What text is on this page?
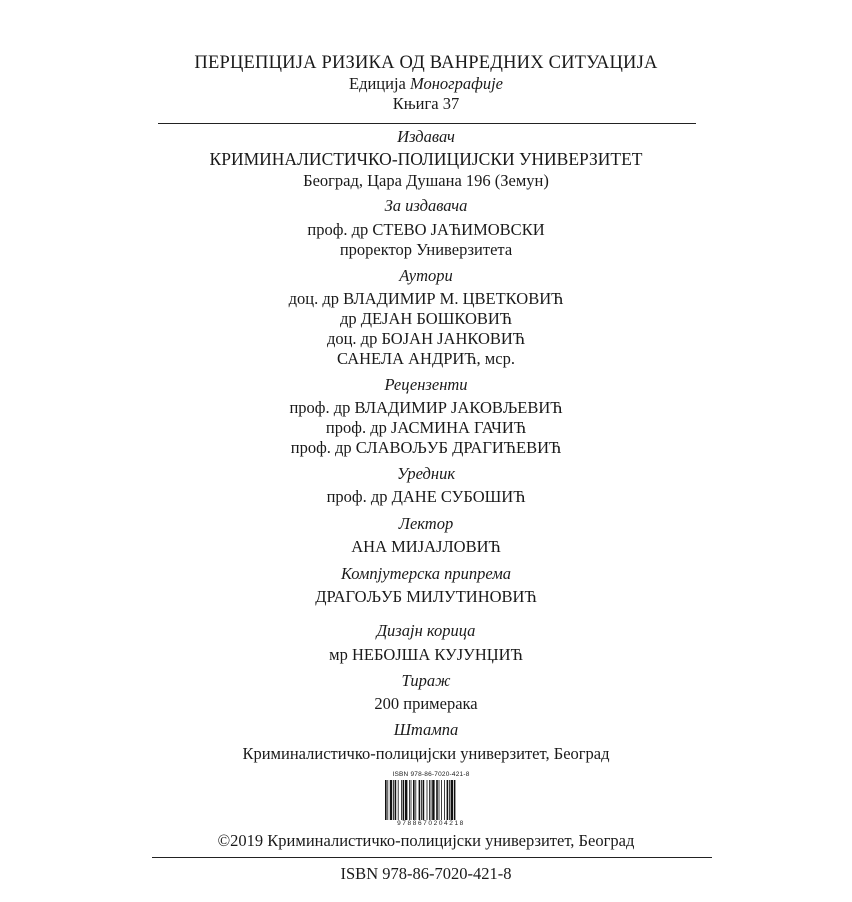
ПЕРЦЕПЦИЈА РИЗИКА ОД ВАНРЕДНИХ СИТУАЦИЈА
Едиција Монографије
Књига 37
Издавач
КРИМИНАЛИСТИЧКО-ПОЛИЦИЈСКИ УНИВЕРЗИТЕТ
Београд, Цара Душана 196 (Земун)
За издавача
проф. др СТЕВО ЈАЋИМОВСКИ
проректор Универзитета
Аутори
доц. др ВЛАДИМИР М. ЦВЕТКОВИЋ
др ДЕЈАН БОШКОВИЋ
доц. др БОЈАН ЈАНКОВИЋ
САНЕЛА АНДРИЋ, мср.
Рецензенти
проф. др ВЛАДИМИР ЈАКОВЉЕВИЋ
проф. др ЈАСМИНА ГАЧИЋ
проф. др СЛАВОЉУБ ДРАГИЋЕВИЋ
Уредник
проф. др ДАНЕ СУБОШИЋ
Лектор
АНА МИЈАЈЛОВИЋ
Компјутерска припрема
ДРАГОЉУБ МИЛУТИНОВИЋ
Дизајн корица
мр НЕБОЈША КУЈУНЏИЋ
Тираж
200 примерака
Штампа
Криминалистичко-полицијски универзитет, Београд
ISBN 978-86-7020-421-8
9788670204218
©2019 Криминалистичко-полицијски универзитет, Београд
ISBN 978-86-7020-421-8
